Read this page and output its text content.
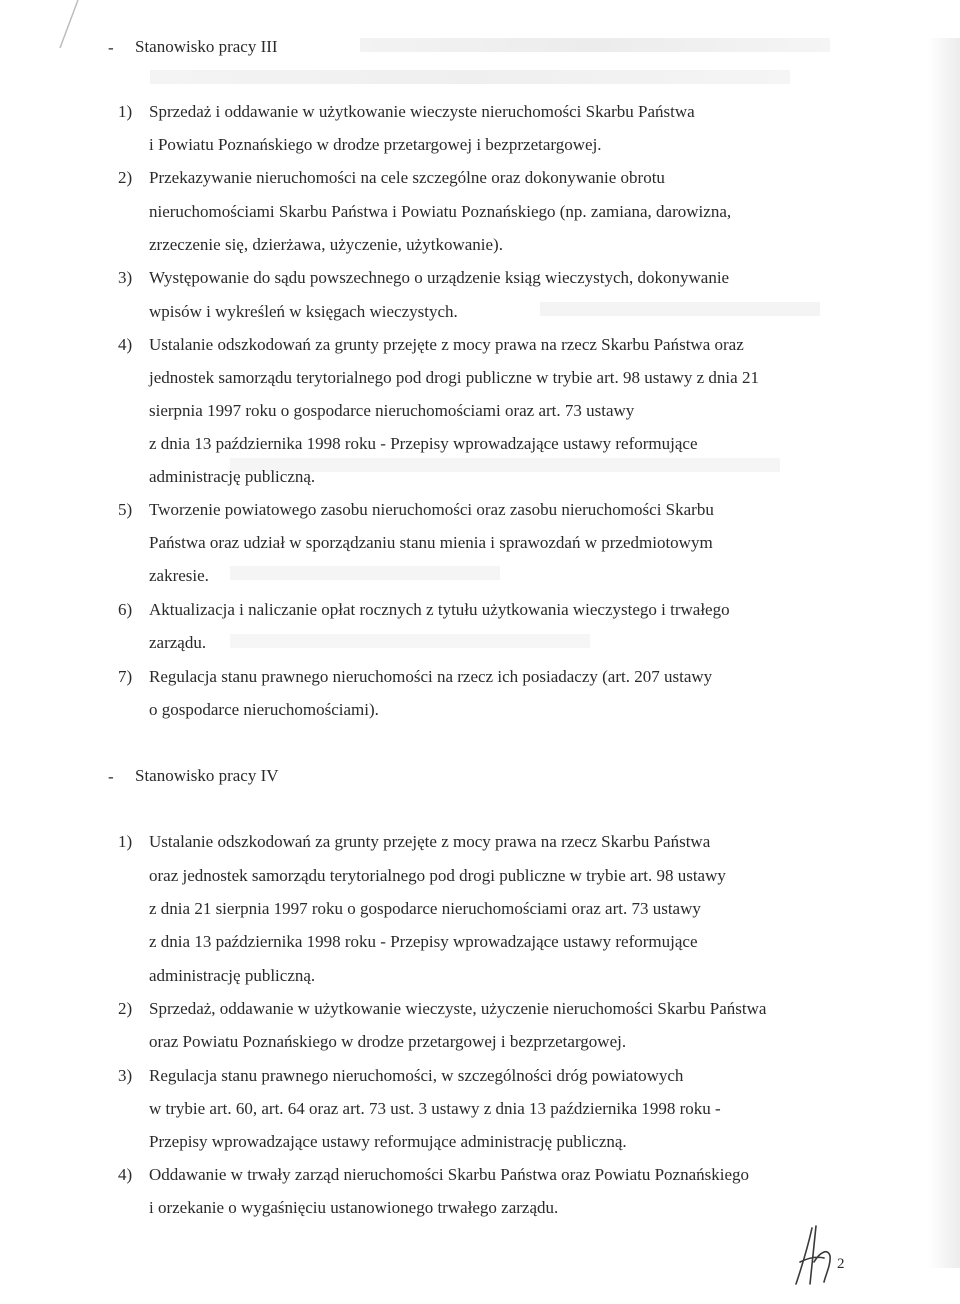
- Stanowisko pracy III
1) Sprzedaż i oddawanie w użytkowanie wieczyste nieruchomości Skarbu Państwa
i Powiatu Poznańskiego w drodze przetargowej i bezprzetargowej.
2) Przekazywanie nieruchomości na cele szczególne oraz dokonywanie obrotu
nieruchomościami Skarbu Państwa i Powiatu Poznańskiego (np. zamiana, darowizna,
zrzeczenie się, dzierżawa, użyczenie, użytkowanie).
3) Występowanie do sądu powszechnego o urządzenie ksiąg wieczystych, dokonywanie
wpisów i wykreśleń w księgach wieczystych.
4) Ustalanie odszkodowań za grunty przejęte z mocy prawa na rzecz Skarbu Państwa oraz
jednostek samorządu terytorialnego pod drogi publiczne w trybie art. 98 ustawy z dnia 21
sierpnia 1997 roku o gospodarce nieruchomościami oraz art. 73 ustawy
z dnia 13 października 1998 roku - Przepisy wprowadzające ustawy reformujące
administrację publiczną.
5) Tworzenie powiatowego zasobu nieruchomości oraz zasobu nieruchomości Skarbu
Państwa oraz udział w sporządzaniu stanu mienia i sprawozdań w przedmiotowym
zakresie.
6) Aktualizacja i naliczanie opłat rocznych z tytułu użytkowania wieczystego i trwałego
zarządu.
7) Regulacja stanu prawnego nieruchomości na rzecz ich posiadaczy (art. 207 ustawy
o gospodarce nieruchomościami).
- Stanowisko pracy IV
1) Ustalanie odszkodowań za grunty przejęte z mocy prawa na rzecz Skarbu Państwa
oraz jednostek samorządu terytorialnego pod drogi publiczne w trybie art. 98 ustawy
z dnia 21 sierpnia 1997 roku o gospodarce nieruchomościami oraz art. 73 ustawy
z dnia 13 października 1998 roku - Przepisy wprowadzające ustawy reformujące
administrację publiczną.
2) Sprzedaż, oddawanie w użytkowanie wieczyste, użyczenie nieruchomości Skarbu Państwa
oraz Powiatu Poznańskiego w drodze przetargowej i bezprzetargowej.
3) Regulacja stanu prawnego nieruchomości, w szczególności dróg powiatowych
w trybie art. 60, art. 64 oraz art. 73 ust. 3 ustawy z dnia 13 października 1998 roku -
Przepisy wprowadzające ustawy reformujące administrację publiczną.
4) Oddawanie w trwały zarząd nieruchomości Skarbu Państwa oraz Powiatu Poznańskiego
i orzekanie o wygaśnięciu ustanowionego trwałego zarządu.
2
